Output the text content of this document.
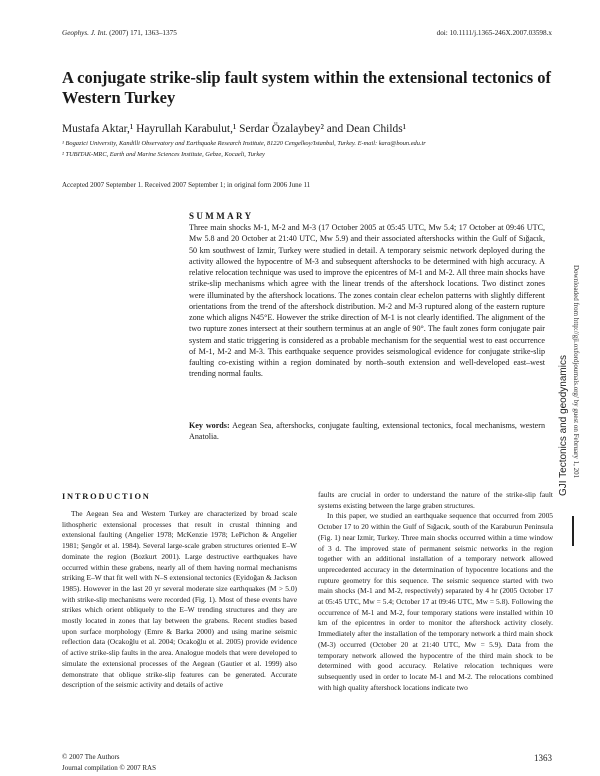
Geophys. J. Int. (2007) 171, 1363–1375	doi: 10.1111/j.1365-246X.2007.03598.x
A conjugate strike-slip fault system within the extensional tectonics of Western Turkey
Mustafa Aktar,¹ Hayrullah Karabulut,¹ Serdar Özalaybey² and Dean Childs¹
¹ Bogazici University, Kandilli Observatory and Earthquake Research Institute, 81220 Cengelkoy/Istanbul, Turkey. E-mail: kara@boun.edu.tr
² TUBITAK-MRC, Earth and Marine Sciences Institute, Gebze, Kocaeli, Turkey
Accepted 2007 September 1. Received 2007 September 1; in original form 2006 June 11
SUMMARY

Three main shocks M-1, M-2 and M-3 (17 October 2005 at 05:45 UTC, Mw 5.4; 17 October at 09:46 UTC, Mw 5.8 and 20 October at 21:40 UTC, Mw 5.9) and their associated aftershocks within the Gulf of Sığacık, 50 km southwest of Izmir, Turkey were studied in detail. A temporary seismic network deployed during the activity allowed the hypocentre of M-3 and subsequent aftershocks to be determined with high accuracy. A relative relocation technique was used to improve the epicentres of M-1 and M-2. All three main shocks have strike-slip mechanisms which agree with the linear trends of the aftershock locations. Two distinct zones were illuminated by the aftershock locations. The zones contain clear echelon patterns with slightly different orientations from the trend of the aftershock distribution. M-2 and M-3 ruptured along of the eastern rupture zone which aligns N45°E. However the strike direction of M-1 is not clearly identified. The alignment of the two rupture zones intersect at their southern terminus at an angle of 90°. The fault zones form conjugate pair system and static triggering is considered as a probable mechanism for the sequential west to east occurrence of M-1, M-2 and M-3. This earthquake sequence provides seismological evidence for conjugate strike-slip faulting co-existing within a region dominated by north–south extension and well-developed east–west trending normal faults.

Key words: Aegean Sea, aftershocks, conjugate faulting, extensional tectonics, focal mechanisms, western Anatolia.
INTRODUCTION

The Aegean Sea and Western Turkey are characterized by broad scale lithospheric extensional processes that result in crustal thinning and extensional faulting (Angelier 1978; McKenzie 1978; LePichon & Angelier 1981; Şengör et al. 1984). Several large-scale graben structures oriented E–W dominate the region (Bozkurt 2001). Large destructive earthquakes have occurred within these grabens, nearly all of them having normal mechanisms striking E–W that fit well with N–S extensional tectonics (Eyidoğan & Jackson 1985). However in the last 20 yr several moderate size earthquakes (M > 5.0) with strike-slip mechanisms were recorded (Fig. 1). Most of these events have strikes which orient obliquely to the E–W trending structures and they are mostly located in zones that lay between the grabens. Recent studies based upon surface morphology (Emre & Barka 2000) and using marine seismic reflection data (Ocakoğlu et al. 2004; Ocakoğlu et al. 2005) provide evidence of active strike-slip faults in the area. Analogue models that were developed to simulate the extensional processes of the Aegean (Gautier et al. 1999) also demonstrate that oblique strike-slip features can be generated. Accurate description of the seismic activity and details of active

faults are crucial in order to understand the nature of the strike-slip fault systems existing between the large graben structures.

In this paper, we studied an earthquake sequence that occurred from 2005 October 17 to 20 within the Gulf of Sığacık, south of the Karaburun Peninsula (Fig. 1) near Izmir, Turkey. Three main shocks occurred within a time window of 3 d. The improved state of permanent seismic networks in the region together with an additional installation of a temporary network allowed unprecedented accuracy in the determination of hypocentre locations and the rupture geometry for this sequence. The seismic sequence started with two main shocks (M-1 and M-2, respectively) separated by 4 hr (2005 October 17 at 05:45 UTC, Mw = 5.4; October 17 at 09:46 UTC, Mw = 5.8). Following the occurrence of M-1 and M-2, four temporary stations were installed within 10 km of the epicentres in order to monitor the aftershock activity closely. Immediately after the installation of the temporary network a third main shock (M-3) occurred (October 20 at 21:40 UTC, Mw = 5.9). Data from the temporary network allowed the hypocentre of the third main shock to be determined with good accuracy. Relative relocation techniques were subsequently used in order to locate M-1 and M-2. The relocations combined with high quality aftershock locations indicate two

© 2007 The Authors
Journal compilation © 2007 RAS
1363
Downloaded from http://gji.oxfordjournals.org/ by guest on February 1, 201
GJI Tectonics and geodynamics
